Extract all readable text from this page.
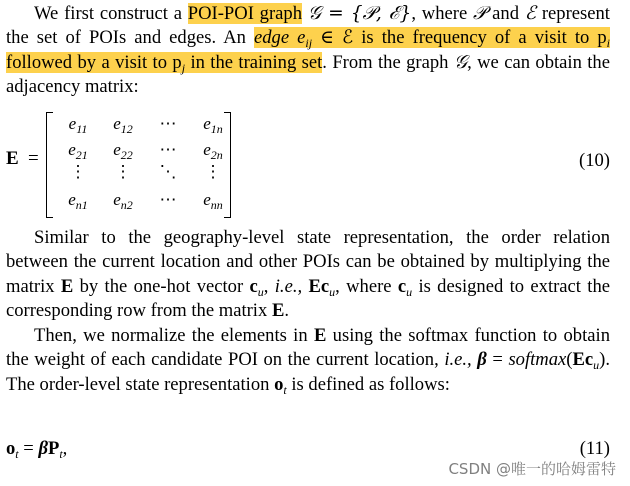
We first construct a POI-POI graph 𝒢 = {𝒫, ℰ}, where 𝒫 and ℰ represent the set of POIs and edges. An edge $e_{ij}$ ∈ ℰ is the frequency of a visit to $p_i$ followed by a visit to $p_j$ in the training set. From the graph 𝒢, we can obtain the adjacency matrix:
E =
$e_{11}$	$e_{12}$	⋯	$e_{1n}$
$e_{21}$	$e_{22}$	⋯	$e_{2n}$
⋮	⋮	⋱	⋮
$e_{n1}$	$e_{n2}$	⋯	$e_{nn}$
(10)
Similar to the geography-level state representation, the order relation between the current location and other POIs can be obtained by multiplying the matrix E by the one-hot vector $c_u$, i.e., $Ec_u$, where $c_u$ is designed to extract the corresponding row from the matrix E.
Then, we normalize the elements in E using the softmax function to obtain the weight of each candidate POI on the current location, i.e., $\beta = softmax(Ec_u)$. The order-level state representation $o_t$ is defined as follows:
$o_t = \beta P_t$,	(11)
CSDN @唯一的哈姆雷特
